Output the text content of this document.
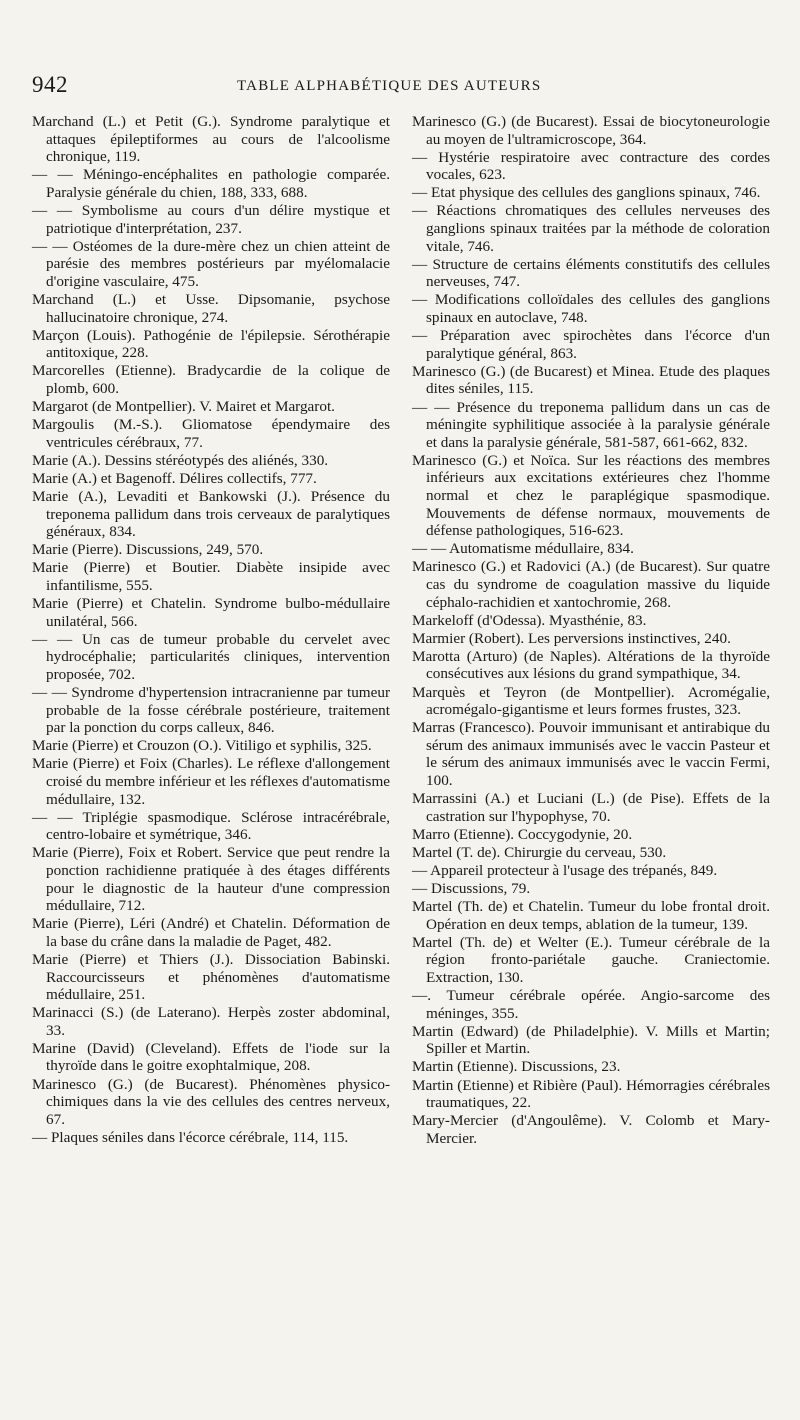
942	TABLE ALPHABÉTIQUE DES AUTEURS

Marchand (L.) et Petit (G.). Syndrome paralytique et attaques épileptiformes au cours de l'alcoolisme chronique, 119.

— — Méningo-encéphalites en pathologie comparée. Paralysie générale du chien, 188, 333, 688.

— — Symbolisme au cours d'un délire mystique et patriotique d'interprétation, 237.

— — Ostéomes de la dure-mère chez un chien atteint de parésie des membres postérieurs par myélomalacie d'origine vasculaire, 475.

Marchand (L.) et Usse. Dipsomanie, psychose hallucinatoire chronique, 274.

Marçon (Louis). Pathogénie de l'épilepsie. Sérothérapie antitoxique, 228.

Marcorelles (Etienne). Bradycardie de la colique de plomb, 600.

Margarot (de Montpellier). V. Mairet et Margarot.

Margoulis (M.-S.). Gliomatose épendymaire des ventricules cérébraux, 77.

Marie (A.). Dessins stéréotypés des aliénés, 330.

Marie (A.) et Bagenoff. Délires collectifs, 777.

Marie (A.), Levaditi et Bankowski (J.). Présence du treponema pallidum dans trois cerveaux de paralytiques généraux, 834.

Marie (Pierre). Discussions, 249, 570.

Marie (Pierre) et Boutier. Diabète insipide avec infantilisme, 555.

Marie (Pierre) et Chatelin. Syndrome bulbo-médullaire unilatéral, 566.

— — Un cas de tumeur probable du cervelet avec hydrocéphalie; particularités cliniques, intervention proposée, 702.

— — Syndrome d'hypertension intracranienne par tumeur probable de la fosse cérébrale postérieure, traitement par la ponction du corps calleux, 846.

Marie (Pierre) et Crouzon (O.). Vitiligo et syphilis, 325.

Marie (Pierre) et Foix (Charles). Le réflexe d'allongement croisé du membre inférieur et les réflexes d'automatisme médullaire, 132.

— — Triplégie spasmodique. Sclérose intracérébrale, centro-lobaire et symétrique, 346.

Marie (Pierre), Foix et Robert. Service que peut rendre la ponction rachidienne pratiquée à des étages différents pour le diagnostic de la hauteur d'une compression médullaire, 712.

Marie (Pierre), Léri (André) et Chatelin. Déformation de la base du crâne dans la maladie de Paget, 482.

Marie (Pierre) et Thiers (J.). Dissociation Babinski. Raccourcisseurs et phénomènes d'automatisme médullaire, 251.

Marinacci (S.) (de Laterano). Herpès zoster abdominal, 33.

Marine (David) (Cleveland). Effets de l'iode sur la thyroïde dans le goitre exophtalmique, 208.

Marinesco (G.) (de Bucarest). Phénomènes physico-chimiques dans la vie des cellules des centres nerveux, 67.

— Plaques séniles dans l'écorce cérébrale, 114, 115.

Marinesco (G.) (de Bucarest). Essai de biocytoneurologie au moyen de l'ultramicroscope, 364.

— Hystérie respiratoire avec contracture des cordes vocales, 623.

— Etat physique des cellules des ganglions spinaux, 746.

— Réactions chromatiques des cellules nerveuses des ganglions spinaux traitées par la méthode de coloration vitale, 746.

— Structure de certains éléments constitutifs des cellules nerveuses, 747.

— Modifications colloïdales des cellules des ganglions spinaux en autoclave, 748.

— Préparation avec spirochètes dans l'écorce d'un paralytique général, 863.

Marinesco (G.) (de Bucarest) et Minea. Etude des plaques dites séniles, 115.

— — Présence du treponema pallidum dans un cas de méningite syphilitique associée à la paralysie générale et dans la paralysie générale, 581-587, 661-662, 832.

Marinesco (G.) et Noïca. Sur les réactions des membres inférieurs aux excitations extérieures chez l'homme normal et chez le paraplégique spasmodique. Mouvements de défense normaux, mouvements de défense pathologiques, 516-623.

— — Automatisme médullaire, 834.

Marinesco (G.) et Radovici (A.) (de Bucarest). Sur quatre cas du syndrome de coagulation massive du liquide céphalo-rachidien et xantochromie, 268.

Markeloff (d'Odessa). Myasthénie, 83.

Marmier (Robert). Les perversions instinctives, 240.

Marotta (Arturo) (de Naples). Altérations de la thyroïde consécutives aux lésions du grand sympathique, 34.

Marquès et Teyron (de Montpellier). Acromégalie, acromégalo-gigantisme et leurs formes frustes, 323.

Marras (Francesco). Pouvoir immunisant et antirabique du sérum des animaux immunisés avec le vaccin Pasteur et le sérum des animaux immunisés avec le vaccin Fermi, 100.

Marrassini (A.) et Luciani (L.) (de Pise). Effets de la castration sur l'hypophyse, 70.

Marro (Etienne). Coccygodynie, 20.

Martel (T. de). Chirurgie du cerveau, 530.

— Appareil protecteur à l'usage des trépanés, 849.

— Discussions, 79.

Martel (Th. de) et Chatelin. Tumeur du lobe frontal droit. Opération en deux temps, ablation de la tumeur, 139.

Martel (Th. de) et Welter (E.). Tumeur cérébrale de la région fronto-pariétale gauche. Craniectomie. Extraction, 130.

—. Tumeur cérébrale opérée. Angio-sarcome des méninges, 355.

Martin (Edward) (de Philadelphie). V. Mills et Martin; Spiller et Martin.

Martin (Etienne). Discussions, 23.

Martin (Etienne) et Ribière (Paul). Hémorragies cérébrales traumatiques, 22.

Mary-Mercier (d'Angoulême). V. Colomb et Mary-Mercier.
